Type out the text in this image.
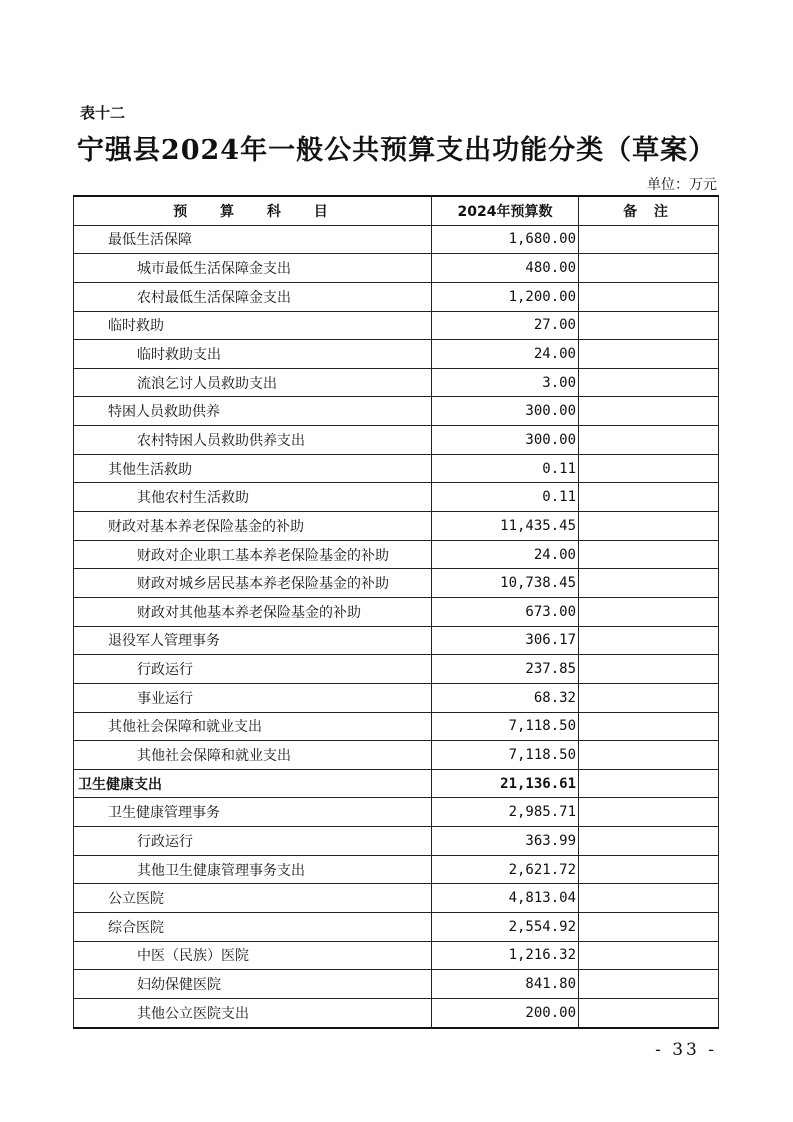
表十二
宁强县2024年一般公共预算支出功能分类（草案）
单位：万元
预 算 科 目	2024年预算数	备 注
最低生活保障	1,680.00	
城市最低生活保障金支出	480.00	
农村最低生活保障金支出	1,200.00	
临时救助	27.00	
临时救助支出	24.00	
流浪乞讨人员救助支出	3.00	
特困人员救助供养	300.00	
农村特困人员救助供养支出	300.00	
其他生活救助	0.11	
其他农村生活救助	0.11	
财政对基本养老保险基金的补助	11,435.45	
财政对企业职工基本养老保险基金的补助	24.00	
财政对城乡居民基本养老保险基金的补助	10,738.45	
财政对其他基本养老保险基金的补助	673.00	
退役军人管理事务	306.17	
行政运行	237.85	
事业运行	68.32	
其他社会保障和就业支出	7,118.50	
其他社会保障和就业支出	7,118.50	
卫生健康支出	21,136.61	
卫生健康管理事务	2,985.71	
行政运行	363.99	
其他卫生健康管理事务支出	2,621.72	
公立医院	4,813.04	
综合医院	2,554.92	
中医（民族）医院	1,216.32	
妇幼保健医院	841.80	
其他公立医院支出	200.00	
- 33 -
